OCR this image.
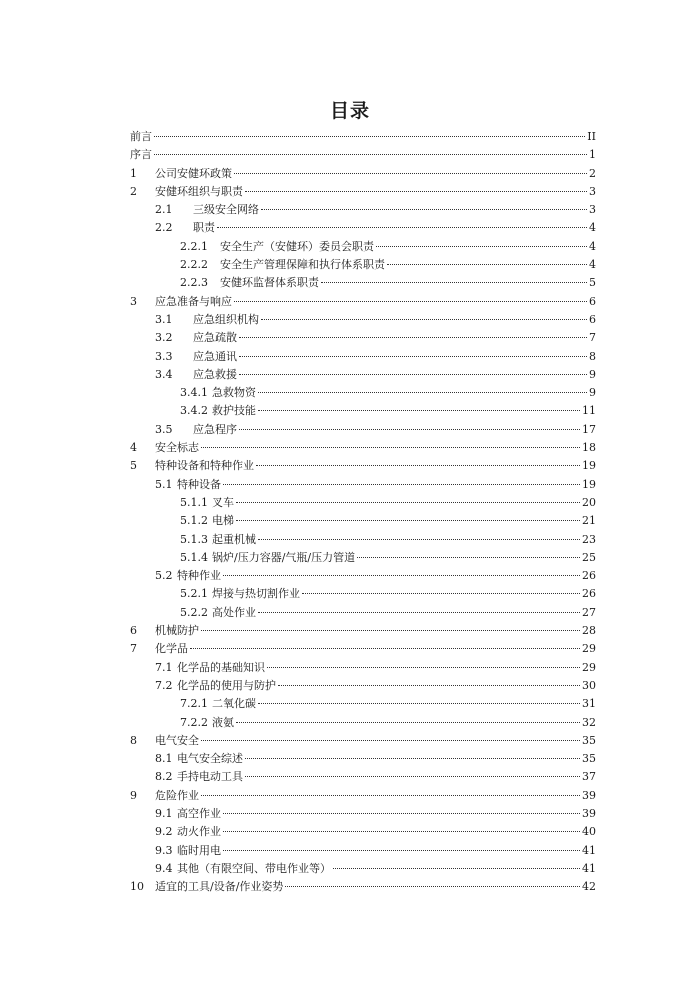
目录
前言	II
序言	1
1	公司安健环政策	2
2	安健环组织与职责	3
2.1	三级安全网络	3
2.2	职责	4
2.2.1	安全生产（安健环）委员会职责	4
2.2.2	安全生产管理保障和执行体系职责	4
2.2.3	安健环监督体系职责	5
3	应急准备与响应	6
3.1	应急组织机构	6
3.2	应急疏散	7
3.3	应急通讯	8
3.4	应急救援	9
3.4.1 急救物资	9
3.4.2 救护技能	11
3.5	应急程序	17
4	安全标志	18
5	特种设备和特种作业	19
5.1 特种设备	19
5.1.1 叉车	20
5.1.2 电梯	21
5.1.3 起重机械	23
5.1.4 锅炉/压力容器/气瓶/压力管道	25
5.2 特种作业	26
5.2.1 焊接与热切割作业	26
5.2.2 高处作业	27
6	机械防护	28
7	化学品	29
7.1 化学品的基础知识	29
7.2 化学品的使用与防护	30
7.2.1 二氧化碳	31
7.2.2 液氨	32
8	电气安全	35
8.1 电气安全综述	35
8.2 手持电动工具	37
9	危险作业	39
9.1 高空作业	39
9.2 动火作业	40
9.3 临时用电	41
9.4 其他（有限空间、带电作业等）	41
10	适宜的工具/设备/作业姿势	42
